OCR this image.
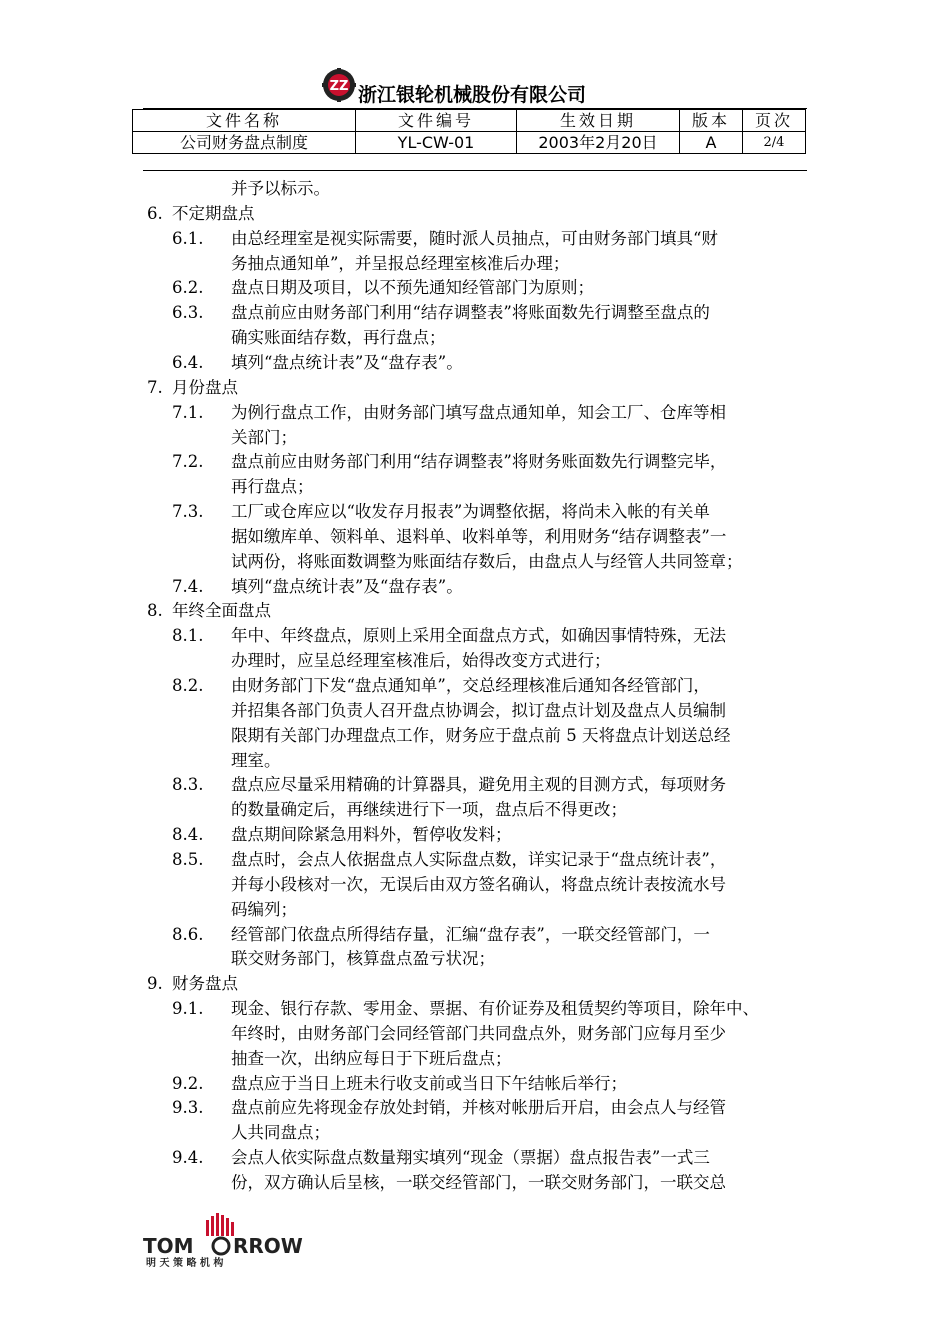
ZZ 浙江银轮机械股份有限公司
文件名称	文件编号	生效日期	版本	页次
公司财务盘点制度	YL-CW-01	2003年2月20日	A	2/4
并予以标示。
6. 不定期盘点
6.1. 由总经理室是视实际需要，随时派人员抽点，可由财务部门填具“财
务抽点通知单”，并呈报总经理室核准后办理；
6.2. 盘点日期及项目，以不预先通知经管部门为原则；
6.3. 盘点前应由财务部门利用“结存调整表”将账面数先行调整至盘点的
确实账面结存数，再行盘点；
6.4. 填列“盘点统计表”及“盘存表”。
7. 月份盘点
7.1. 为例行盘点工作，由财务部门填写盘点通知单，知会工厂、仓库等相
关部门；
7.2. 盘点前应由财务部门利用“结存调整表”将财务账面数先行调整完毕，
再行盘点；
7.3. 工厂或仓库应以“收发存月报表”为调整依据，将尚未入帐的有关单
据如缴库单、领料单、退料单、收料单等，利用财务“结存调整表”一
试两份，将账面数调整为账面结存数后，由盘点人与经管人共同签章；
7.4. 填列“盘点统计表”及“盘存表”。
8. 年终全面盘点
8.1. 年中、年终盘点，原则上采用全面盘点方式，如确因事情特殊，无法
办理时，应呈总经理室核准后，始得改变方式进行；
8.2. 由财务部门下发“盘点通知单”，交总经理核准后通知各经管部门，
并招集各部门负责人召开盘点协调会，拟订盘点计划及盘点人员编制
限期有关部门办理盘点工作，财务应于盘点前 5 天将盘点计划送总经
理室。
8.3. 盘点应尽量采用精确的计算器具，避免用主观的目测方式，每项财务
的数量确定后，再继续进行下一项，盘点后不得更改；
8.4. 盘点期间除紧急用料外，暂停收发料；
8.5. 盘点时，会点人依据盘点人实际盘点数，详实记录于“盘点统计表”，
并每小段核对一次，无误后由双方签名确认，将盘点统计表按流水号
码编列；
8.6. 经管部门依盘点所得结存量，汇编“盘存表”，一联交经管部门，一
联交财务部门，核算盘点盈亏状况；
9. 财务盘点
9.1. 现金、银行存款、零用金、票据、有价证券及租赁契约等项目，除年中、
年终时，由财务部门会同经管部门共同盘点外，财务部门应每月至少
抽查一次，出纳应每日于下班后盘点；
9.2. 盘点应于当日上班未行收支前或当日下午结帐后举行；
9.3. 盘点前应先将现金存放处封销，并核对帐册后开启，由会点人与经管
人共同盘点；
9.4. 会点人依实际盘点数量翔实填列“现金（票据）盘点报告表”一式三
份，双方确认后呈核，一联交经管部门，一联交财务部门，一联交总
TOM RROW
明 天 策 略 机 构
